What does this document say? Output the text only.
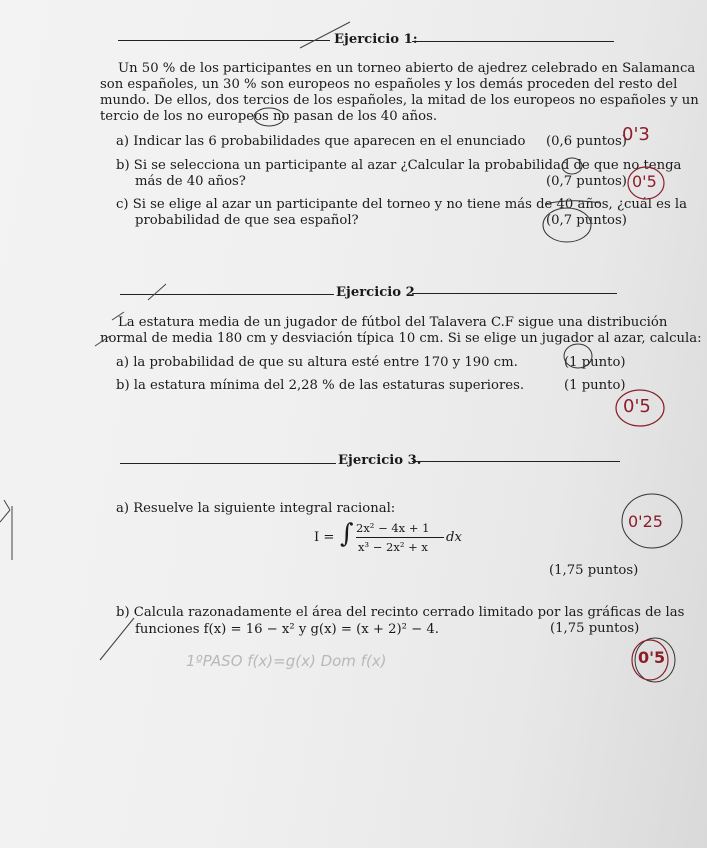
Ejercicio 1:
Un 50 % de los participantes en un torneo abierto de ajedrez celebrado en Salamanca
son españoles, un 30 % son europeos no españoles y los demás proceden del resto del
mundo. De ellos, dos tercios de los españoles, la mitad de los europeos no españoles y un
tercio de los no europeos no pasan de los 40 años.
a) Indicar las 6 probabilidades que aparecen en el enunciado (0,6 puntos)
b) Si se selecciona un participante al azar ¿Calcular la probabilidad de que no tenga
más de 40 años?	(0,7 puntos)
c) Si se elige al azar un participante del torneo y no tiene más de 40 años, ¿cuál es la
probabilidad de que sea español?	(0,7 puntos)
Ejercicio 2
La estatura media de un jugador de fútbol del Talavera C.F sigue una distribución
normal de media 180 cm y desviación típica 10 cm. Si se elige un jugador al azar, calcula:
a) la probabilidad de que su altura esté entre 170 y 190 cm.	(1 punto)
b) la estatura mínima del 2,28 % de las estaturas superiores.	(1 punto)
Ejercicio 3.
a) Resuelve la siguiente integral racional:
I = ∫ 2x² − 4x + 1
x³ − 2x² + x
dx
(1,75 puntos)
b) Calcula razonadamente el área del recinto cerrado limitado por las gráficas de las
funciones f(x) = 16 − x² y g(x) = (x + 2)² − 4.	(1,75 puntos)
1ºPASO f(x)=g(x) Dom f(x)
0'3
0'5
0'5
0'25
0'5
